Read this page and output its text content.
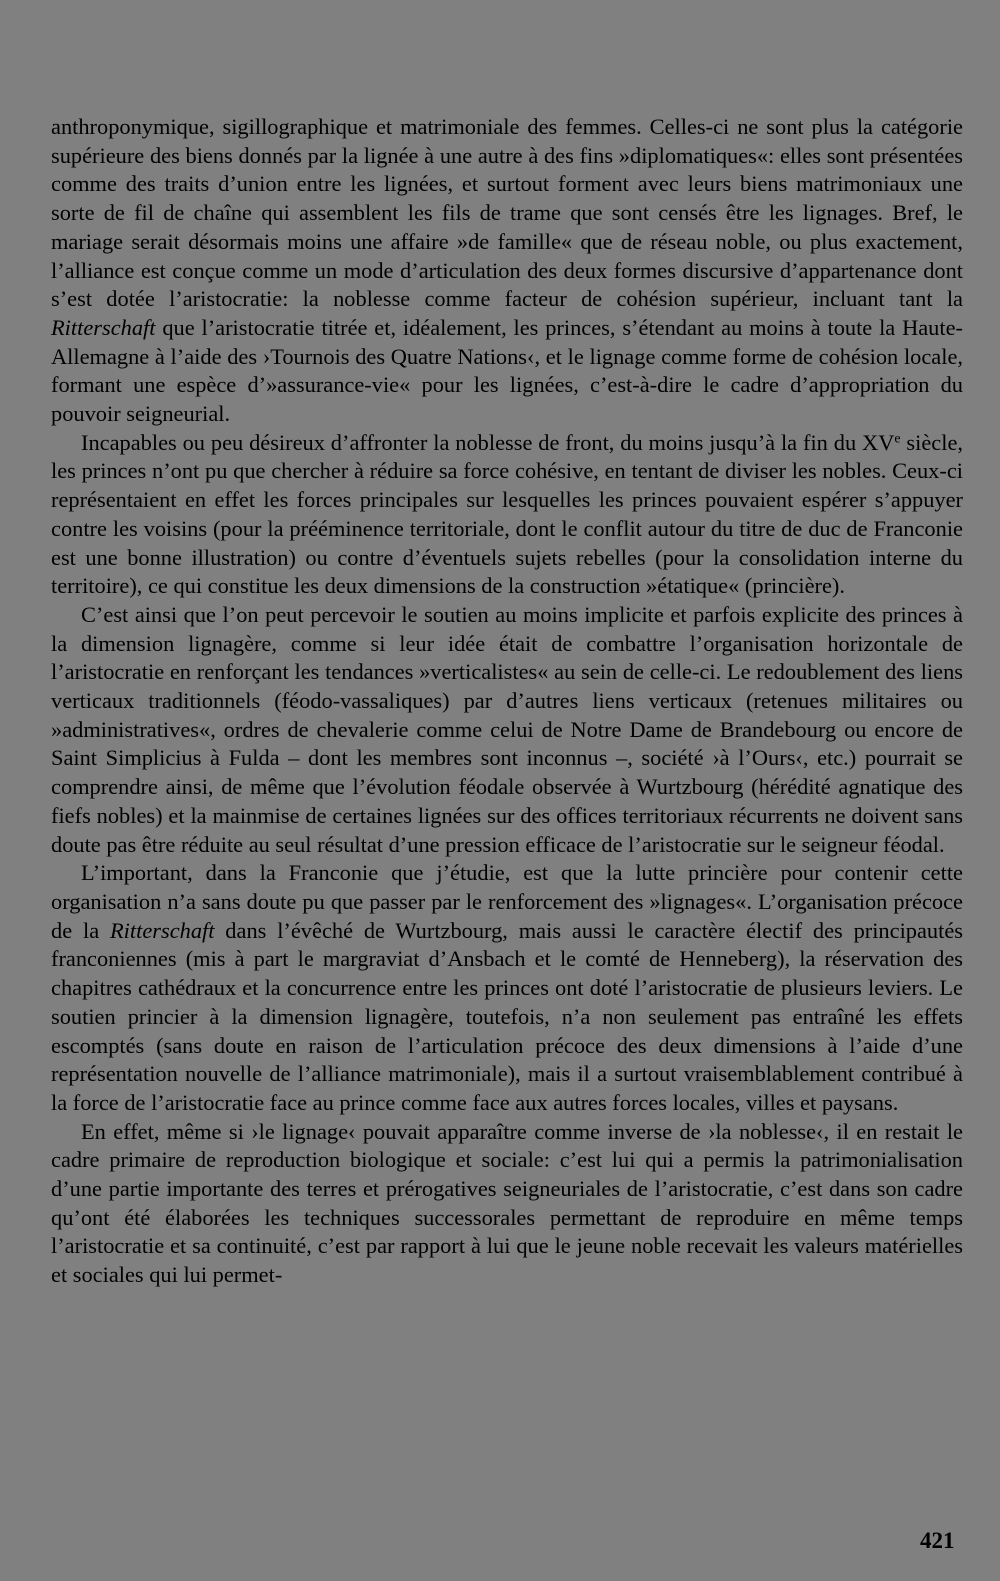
anthroponymique, sigillographique et matrimoniale des femmes. Celles-ci ne sont plus la catégorie supérieure des biens donnés par la lignée à une autre à des fins »diplomatiques«: elles sont présentées comme des traits d’union entre les lignées, et surtout forment avec leurs biens matrimoniaux une sorte de fil de chaîne qui assemblent les fils de trame que sont censés être les lignages. Bref, le mariage serait désormais moins une affaire »de famille« que de réseau noble, ou plus exactement, l’alliance est conçue comme un mode d’articulation des deux formes discursive d’appartenance dont s’est dotée l’aristocratie: la noblesse comme facteur de cohésion supérieur, incluant tant la Ritterschaft que l’aristocratie titrée et, idéalement, les princes, s’étendant au moins à toute la Haute-Allemagne à l’aide des ›Tournois des Quatre Nations‹, et le lignage comme forme de cohésion locale, formant une espèce d’»assurance-vie« pour les lignées, c’est-à-dire le cadre d’appropriation du pouvoir seigneurial.

Incapables ou peu désireux d’affronter la noblesse de front, du moins jusqu’à la fin du XVe siècle, les princes n’ont pu que chercher à réduire sa force cohésive, en tentant de diviser les nobles. Ceux-ci représentaient en effet les forces principales sur lesquelles les princes pouvaient espérer s’appuyer contre les voisins (pour la prééminence territoriale, dont le conflit autour du titre de duc de Franconie est une bonne illustration) ou contre d’éventuels sujets rebelles (pour la consolidation interne du territoire), ce qui constitue les deux dimensions de la construction »étatique« (princière).

C’est ainsi que l’on peut percevoir le soutien au moins implicite et parfois explicite des princes à la dimension lignagère, comme si leur idée était de combattre l’organisation horizontale de l’aristocratie en renforçant les tendances »verticalistes« au sein de celle-ci. Le redoublement des liens verticaux traditionnels (féodo-vassaliques) par d’autres liens verticaux (retenues militaires ou »administratives«, ordres de chevalerie comme celui de Notre Dame de Brandebourg ou encore de Saint Simplicius à Fulda – dont les membres sont inconnus –, société ›à l’Ours‹, etc.) pourrait se comprendre ainsi, de même que l’évolution féodale observée à Wurtzbourg (hérédité agnatique des fiefs nobles) et la mainmise de certaines lignées sur des offices territoriaux récurrents ne doivent sans doute pas être réduite au seul résultat d’une pression efficace de l’aristocratie sur le seigneur féodal.

L’important, dans la Franconie que j’étudie, est que la lutte princière pour contenir cette organisation n’a sans doute pu que passer par le renforcement des »lignages«. L’organisation précoce de la Ritterschaft dans l’évêché de Wurtzbourg, mais aussi le caractère électif des principautés franconiennes (mis à part le margraviat d’Ansbach et le comté de Henneberg), la réservation des chapitres cathédraux et la concurrence entre les princes ont doté l’aristocratie de plusieurs leviers. Le soutien princier à la dimension lignagère, toutefois, n’a non seulement pas entraîné les effets escomptés (sans doute en raison de l’articulation précoce des deux dimensions à l’aide d’une représentation nouvelle de l’alliance matrimoniale), mais il a surtout vraisemblablement contribué à la force de l’aristocratie face au prince comme face aux autres forces locales, villes et paysans.

En effet, même si ›le lignage‹ pouvait apparaître comme inverse de ›la noblesse‹, il en restait le cadre primaire de reproduction biologique et sociale: c’est lui qui a permis la patrimonialisation d’une partie importante des terres et prérogatives seigneuriales de l’aristocratie, c’est dans son cadre qu’ont été élaborées les techniques successorales permettant de reproduire en même temps l’aristocratie et sa continuité, c’est par rapport à lui que le jeune noble recevait les valeurs matérielles et sociales qui lui permet-

421
